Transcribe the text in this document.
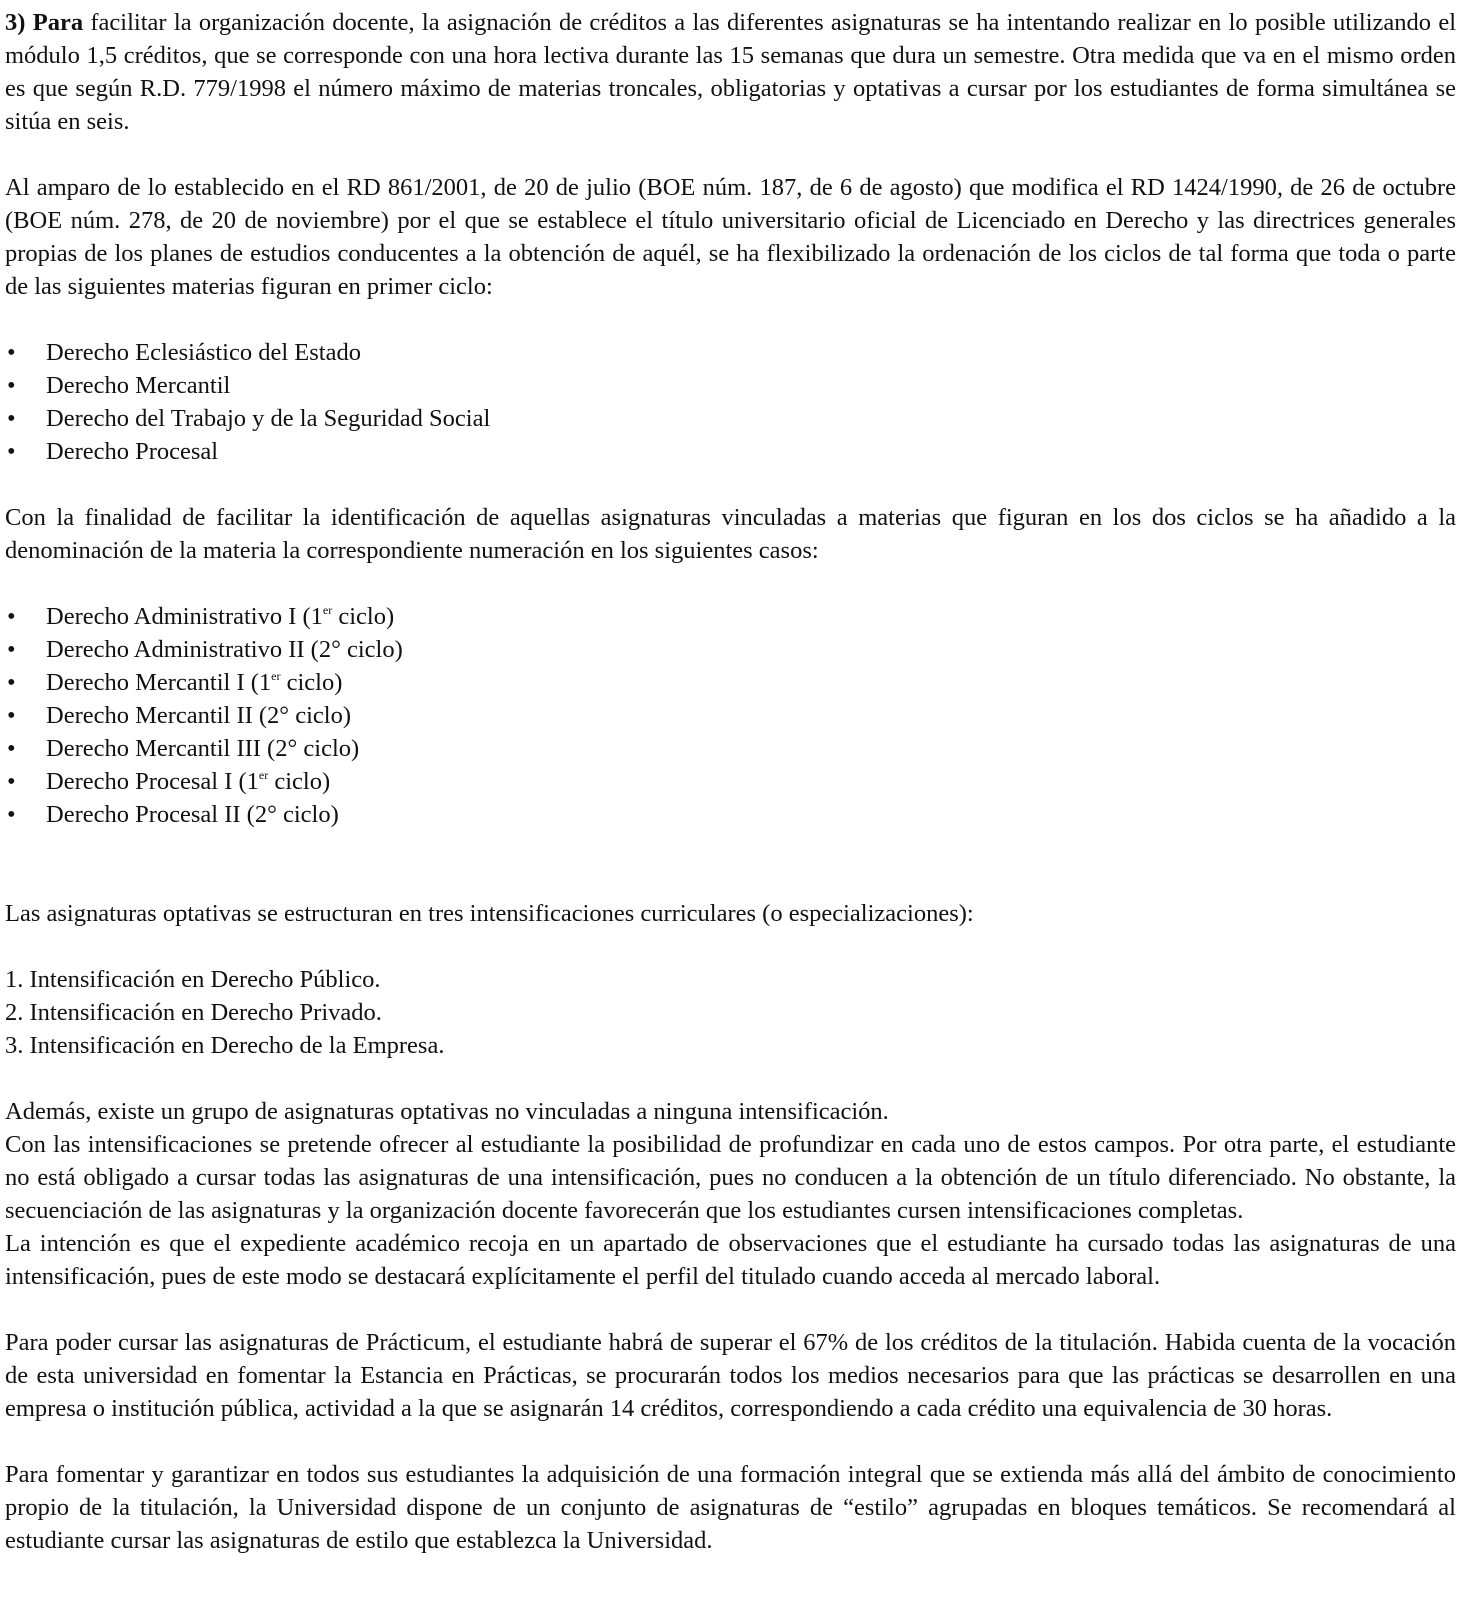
3) Para facilitar la organización docente, la asignación de créditos a las diferentes asignaturas se ha intentando realizar en lo posible utilizando el módulo 1,5 créditos, que se corresponde con una hora lectiva durante las 15 semanas que dura un semestre. Otra medida que va en el mismo orden es que según R.D. 779/1998 el número máximo de materias troncales, obligatorias y optativas a cursar por los estudiantes de forma simultánea se sitúa en seis.

Al amparo de lo establecido en el RD 861/2001, de 20 de julio (BOE núm. 187, de 6 de agosto) que modifica el RD 1424/1990, de 26 de octubre (BOE núm. 278, de 20 de noviembre) por el que se establece el título universitario oficial de Licenciado en Derecho y las directrices generales propias de los planes de estudios conducentes a la obtención de aquél, se ha flexibilizado la ordenación de los ciclos de tal forma que toda o parte de las siguientes materias figuran en primer ciclo:

• Derecho Eclesiástico del Estado
• Derecho Mercantil
• Derecho del Trabajo y de la Seguridad Social
• Derecho Procesal

Con la finalidad de facilitar la identificación de aquellas asignaturas vinculadas a materias que figuran en los dos ciclos se ha añadido a la denominación de la materia la correspondiente numeración en los siguientes casos:

• Derecho Administrativo I (1er ciclo)
• Derecho Administrativo II (2° ciclo)
• Derecho Mercantil I (1er ciclo)
• Derecho Mercantil II (2° ciclo)
• Derecho Mercantil III (2° ciclo)
• Derecho Procesal I (1er ciclo)
• Derecho Procesal II (2° ciclo)

Las asignaturas optativas se estructuran en tres intensificaciones curriculares (o especializaciones):

1. Intensificación en Derecho Público.
2. Intensificación en Derecho Privado.
3. Intensificación en Derecho de la Empresa.

Además, existe un grupo de asignaturas optativas no vinculadas a ninguna intensificación.

Con las intensificaciones se pretende ofrecer al estudiante la posibilidad de profundizar en cada uno de estos campos. Por otra parte, el estudiante no está obligado a cursar todas las asignaturas de una intensificación, pues no conducen a la obtención de un título diferenciado. No obstante, la secuenciación de las asignaturas y la organización docente favorecerán que los estudiantes cursen intensificaciones completas.

La intención es que el expediente académico recoja en un apartado de observaciones que el estudiante ha cursado todas las asignaturas de una intensificación, pues de este modo se destacará explícitamente el perfil del titulado cuando acceda al mercado laboral.

Para poder cursar las asignaturas de Prácticum, el estudiante habrá de superar el 67% de los créditos de la titulación. Habida cuenta de la vocación de esta universidad en fomentar la Estancia en Prácticas, se procurarán todos los medios necesarios para que las prácticas se desarrollen en una empresa o institución pública, actividad a la que se asignarán 14 créditos, correspondiendo a cada crédito una equivalencia de 30 horas.

Para fomentar y garantizar en todos sus estudiantes la adquisición de una formación integral que se extienda más allá del ámbito de conocimiento propio de la titulación, la Universidad dispone de un conjunto de asignaturas de “estilo” agrupadas en bloques temáticos. Se recomendará al estudiante cursar las asignaturas de estilo que establezca la Universidad.
